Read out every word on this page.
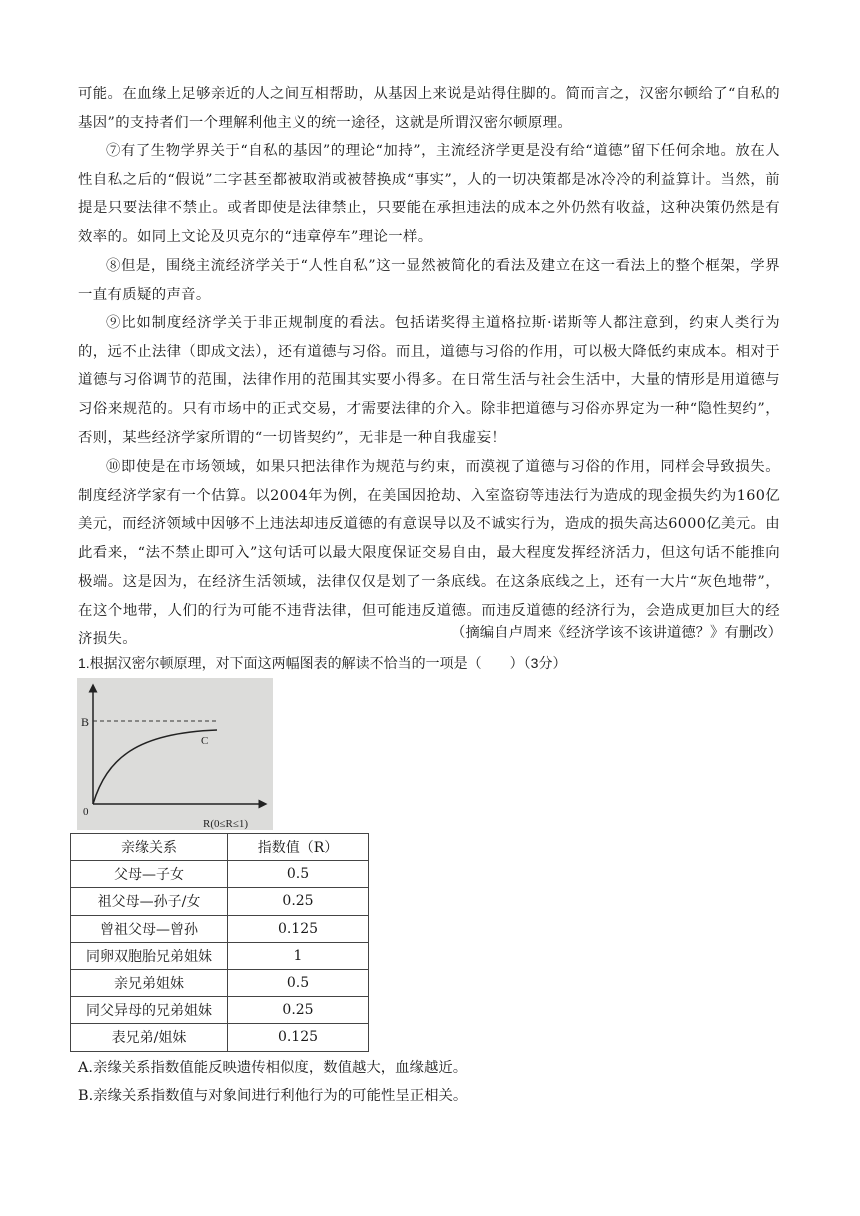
可能。在血缘上足够亲近的人之间互相帮助，从基因上来说是站得住脚的。简而言之，汉密尔顿给了“自私的基因”的支持者们一个理解利他主义的统一途径，这就是所谓汉密尔顿原理。
⑦有了生物学界关于“自私的基因”的理论“加持”，主流经济学更是没有给“道德”留下任何余地。放在人性自私之后的“假说”二字甚至都被取消或被替换成“事实”，人的一切决策都是冰冷冷的利益算计。当然，前提是只要法律不禁止。或者即使是法律禁止，只要能在承担违法的成本之外仍然有收益，这种决策仍然是有效率的。如同上文论及贝克尔的“违章停车”理论一样。
⑧但是，围绕主流经济学关于“人性自私”这一显然被简化的看法及建立在这一看法上的整个框架，学界一直有质疑的声音。
⑨比如制度经济学关于非正规制度的看法。包括诺奖得主道格拉斯·诺斯等人都注意到，约束人类行为的，远不止法律（即成文法），还有道德与习俗。而且，道德与习俗的作用，可以极大降低约束成本。相对于道德与习俗调节的范围，法律作用的范围其实要小得多。在日常生活与社会生活中，大量的情形是用道德与习俗来规范的。只有市场中的正式交易，才需要法律的介入。除非把道德与习俗亦界定为一种“隐性契约”，否则，某些经济学家所谓的“一切皆契约”，无非是一种自我虚妄！
⑩即使是在市场领域，如果只把法律作为规范与约束，而漠视了道德与习俗的作用，同样会导致损失。制度经济学家有一个估算。以2004年为例，在美国因抢劫、入室盗窃等违法行为造成的现金损失约为160亿美元，而经济领域中因够不上违法却违反道德的有意误导以及不诚实行为，造成的损失高达6000亿美元。由此看来，“法不禁止即可入”这句话可以最大限度保证交易自由，最大程度发挥经济活力，但这句话不能推向极端。这是因为，在经济生活领域，法律仅仅是划了一条底线。在这条底线之上，还有一大片“灰色地带”，在这个地带，人们的行为可能不违背法律，但可能违反道德。而违反道德的经济行为，会造成更加巨大的经济损失。	（摘编自卢周来《经济学该不该讲道德？》有删改）
1.根据汉密尔顿原理，对下面这两幅图表的解读不恰当的一项是（　　）（3分）
B
C
0
R(0≤R≤1)
亲缘关系	指数值（R）
父母—子女	0.5
祖父母—孙子/女	0.25
曾祖父母—曾孙	0.125
同卵双胞胎兄弟姐妹	1
亲兄弟姐妹	0.5
同父异母的兄弟姐妹	0.25
表兄弟/姐妹	0.125
A.亲缘关系指数值能反映遗传相似度，数值越大，血缘越近。
B.亲缘关系指数值与对象间进行利他行为的可能性呈正相关。
